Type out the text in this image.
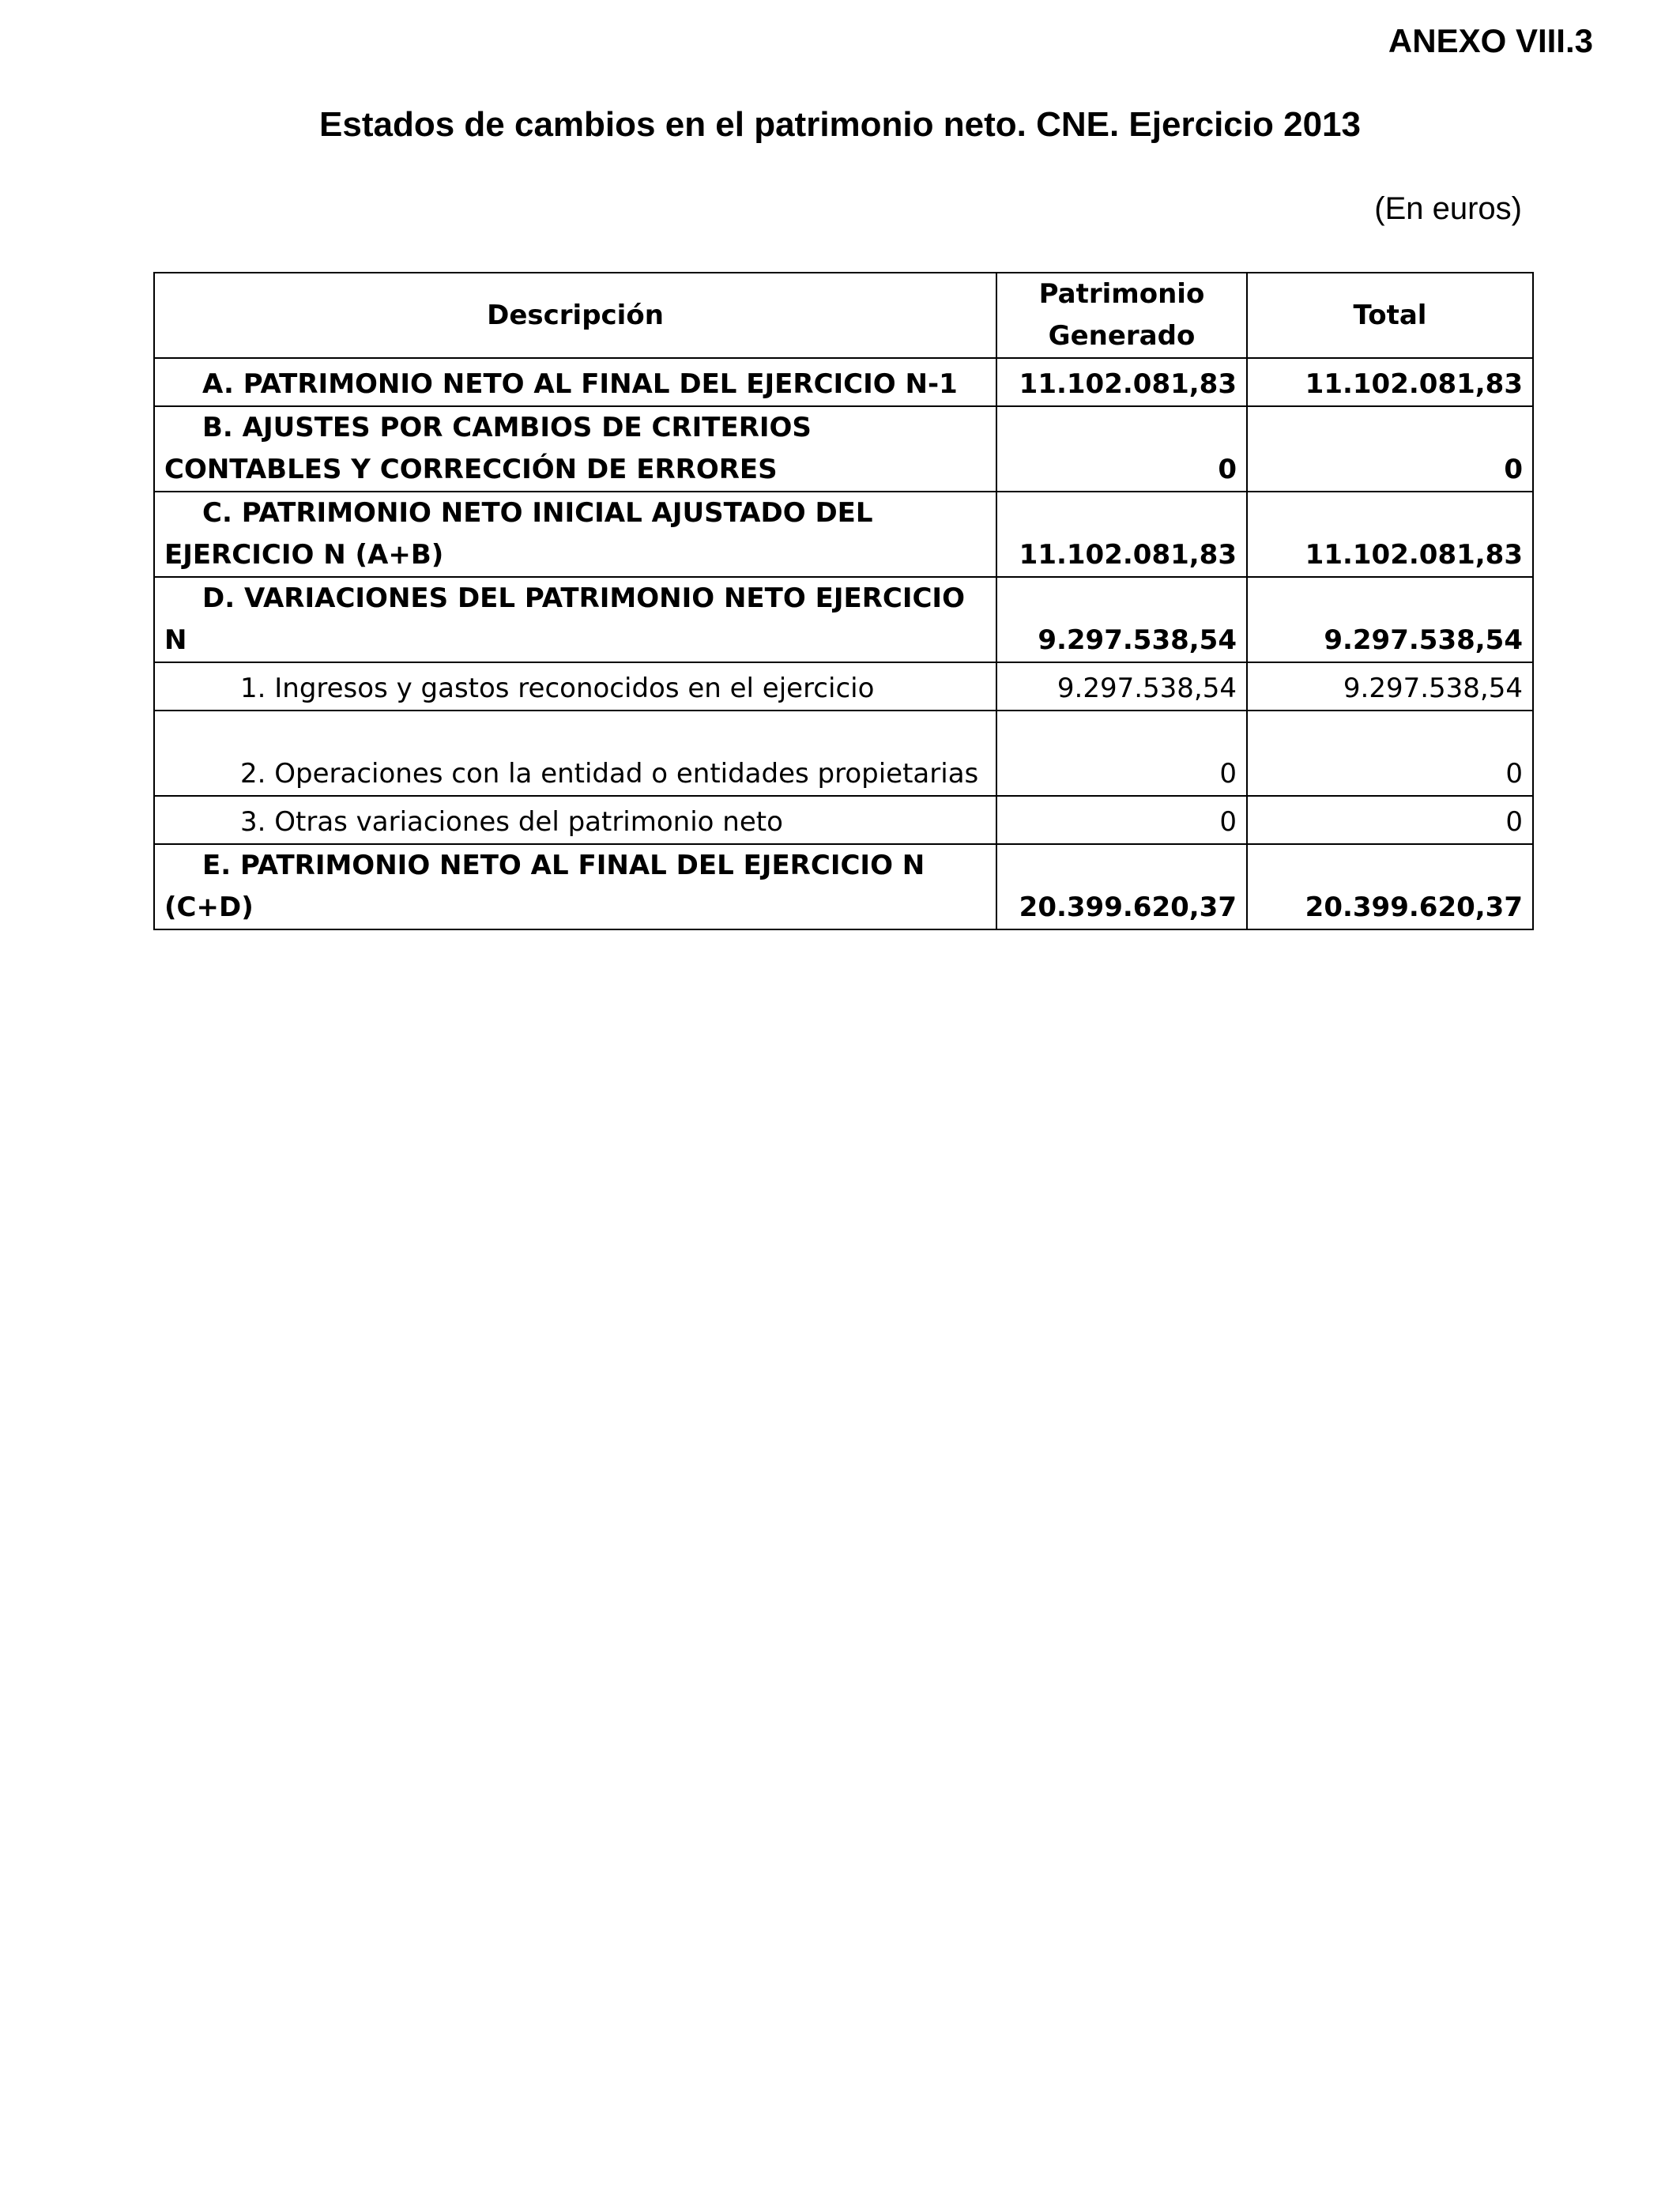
ANEXO VIII.3

Estados de cambios en el patrimonio neto. CNE. Ejercicio 2013

(En euros)

Descripción	Patrimonio Generado	Total
A. PATRIMONIO NETO AL FINAL DEL EJERCICIO N-1	11.102.081,83	11.102.081,83
B. AJUSTES POR CAMBIOS DE CRITERIOS CONTABLES Y CORRECCIÓN DE ERRORES	0	0
C. PATRIMONIO NETO INICIAL AJUSTADO DEL EJERCICIO N (A+B)	11.102.081,83	11.102.081,83
D. VARIACIONES DEL PATRIMONIO NETO EJERCICIO N	9.297.538,54	9.297.538,54
1. Ingresos y gastos reconocidos en el ejercicio	9.297.538,54	9.297.538,54
2. Operaciones con la entidad o entidades propietarias	0	0
3. Otras variaciones del patrimonio neto	0	0
E. PATRIMONIO NETO AL FINAL DEL EJERCICIO N (C+D)	20.399.620,37	20.399.620,37
